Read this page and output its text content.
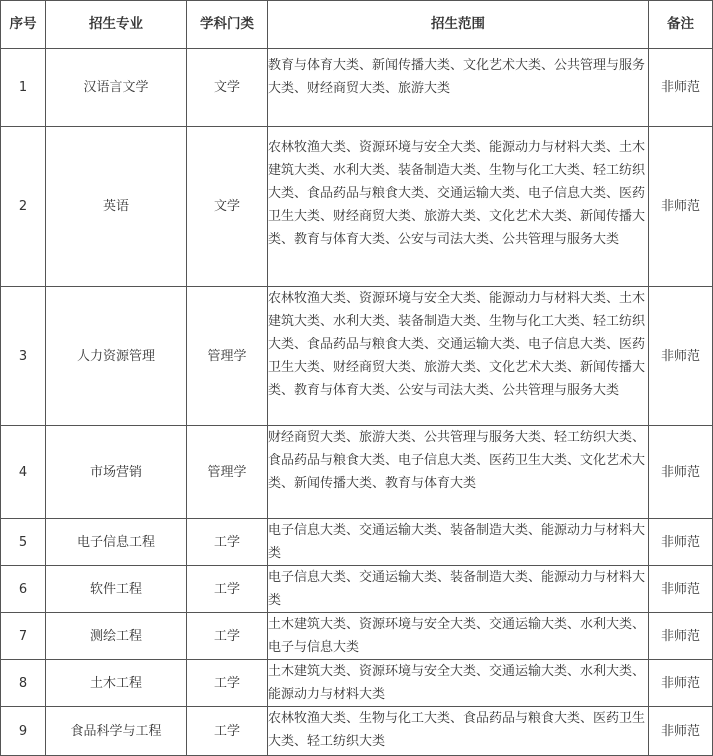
序号	招生专业	学科门类	招生范围	备注
1	汉语言文学	文学	教育与体育大类、新闻传播大类、文化艺术大类、公共管理与服务大类、财经商贸大类、旅游大类	非师范
2	英语	文学	农林牧渔大类、资源环境与安全大类、能源动力与材料大类、土木建筑大类、水利大类、装备制造大类、生物与化工大类、轻工纺织大类、食品药品与粮食大类、交通运输大类、电子信息大类、医药卫生大类、财经商贸大类、旅游大类、文化艺术大类、新闻传播大类、教育与体育大类、公安与司法大类、公共管理与服务大类	非师范
3	人力资源管理	管理学	农林牧渔大类、资源环境与安全大类、能源动力与材料大类、土木建筑大类、水利大类、装备制造大类、生物与化工大类、轻工纺织大类、食品药品与粮食大类、交通运输大类、电子信息大类、医药卫生大类、财经商贸大类、旅游大类、文化艺术大类、新闻传播大类、教育与体育大类、公安与司法大类、公共管理与服务大类	非师范
4	市场营销	管理学	财经商贸大类、旅游大类、公共管理与服务大类、轻工纺织大类、食品药品与粮食大类、电子信息大类、医药卫生大类、文化艺术大类、新闻传播大类、教育与体育大类	非师范
5	电子信息工程	工学	电子信息大类、交通运输大类、装备制造大类、能源动力与材料大类	非师范
6	软件工程	工学	电子信息大类、交通运输大类、装备制造大类、能源动力与材料大类	非师范
7	测绘工程	工学	土木建筑大类、资源环境与安全大类、交通运输大类、水利大类、电子与信息大类	非师范
8	土木工程	工学	土木建筑大类、资源环境与安全大类、交通运输大类、水利大类、能源动力与材料大类	非师范
9	食品科学与工程	工学	农林牧渔大类、生物与化工大类、食品药品与粮食大类、医药卫生大类、轻工纺织大类	非师范
